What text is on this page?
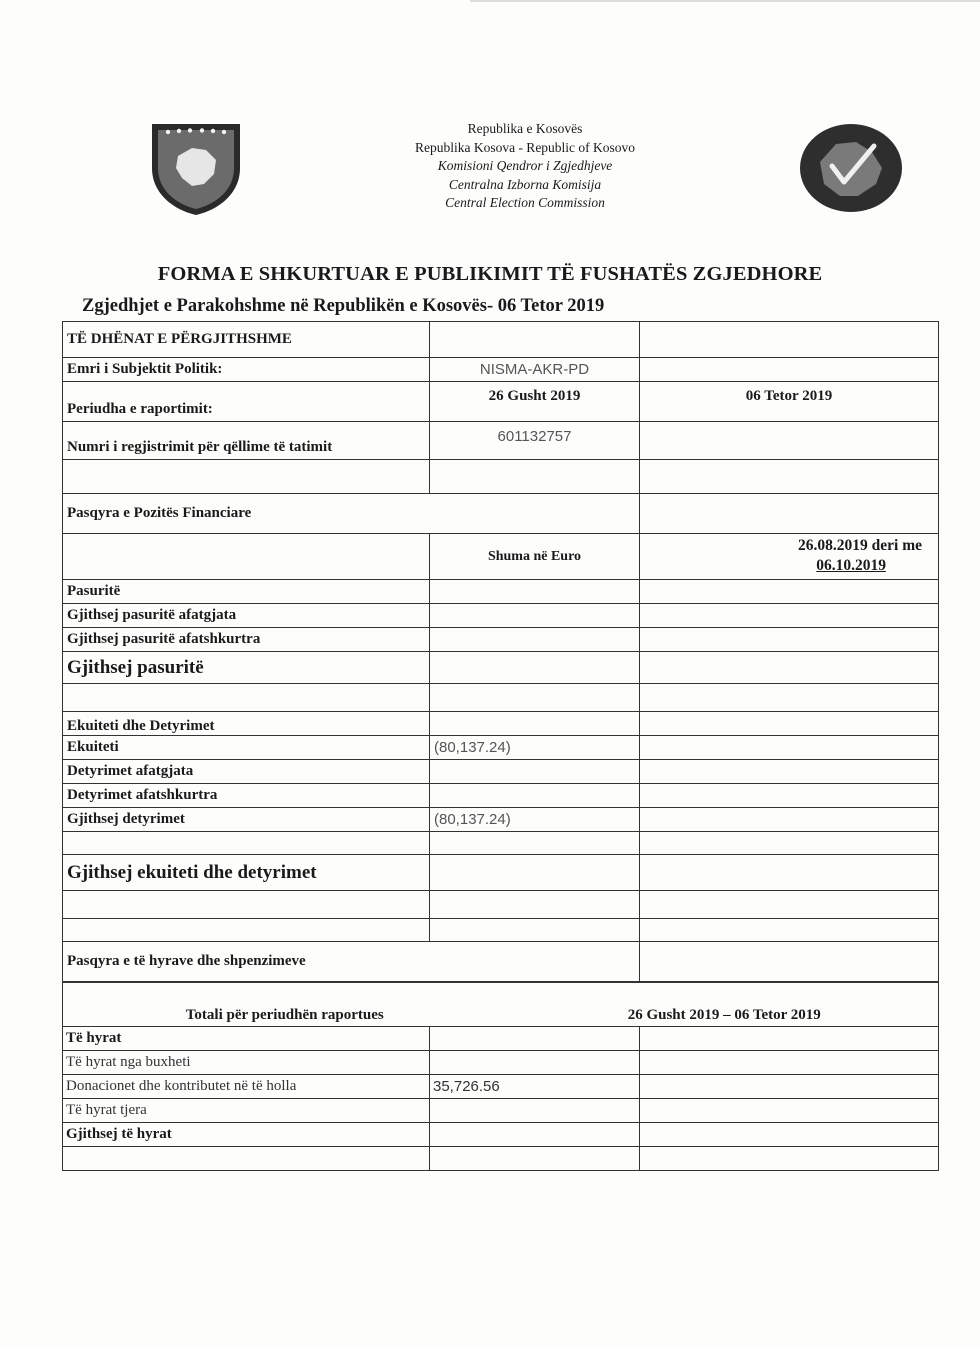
Republika e Kosovës
Republika Kosova - Republic of Kosovo
Komisioni Qendror i Zgjedhjeve
Centralna Izborna Komisija
Central Election Commission
FORMA E SHKURTUAR E PUBLIKIMIT TË FUSHATËS ZGJEDHORE
Zgjedhjet e Parakohshme në Republikën e Kosovës- 06 Tetor 2019
TË DHËNAT E PËRGJITHSHME		
Emri i Subjektit Politik:	NISMA-AKR-PD	
Periudha e raportimit:	26 Gusht 2019	06 Tetor 2019
Numri i regjistrimit për qëllime të tatimit	601132757	

Pasqyra e Pozitës Financiare		
	Shuma në Euro	26.08.2019 deri me
06.10.2019

Pasuritë		
Gjithsej pasuritë afatgjata		
Gjithsej pasuritë afatshkurtra		
Gjithsej pasuritë		

Ekuiteti dhe Detyrimet		
Ekuiteti	(80,137.24)	
Detyrimet afatgjata		
Detyrimet afatshkurtra		
Gjithsej detyrimet	(80,137.24)	

Gjithsej ekuiteti dhe detyrimet		

Pasqyra e të hyrave dhe shpenzimeve		
Totali për periudhën raportues	26 Gusht 2019 – 06 Tetor 2019	
Të hyrat		
Të hyrat nga buxheti		
Donacionet dhe kontributet në të holla	35,726.56	
Të hyrat tjera		
Gjithsej të hyrat		
